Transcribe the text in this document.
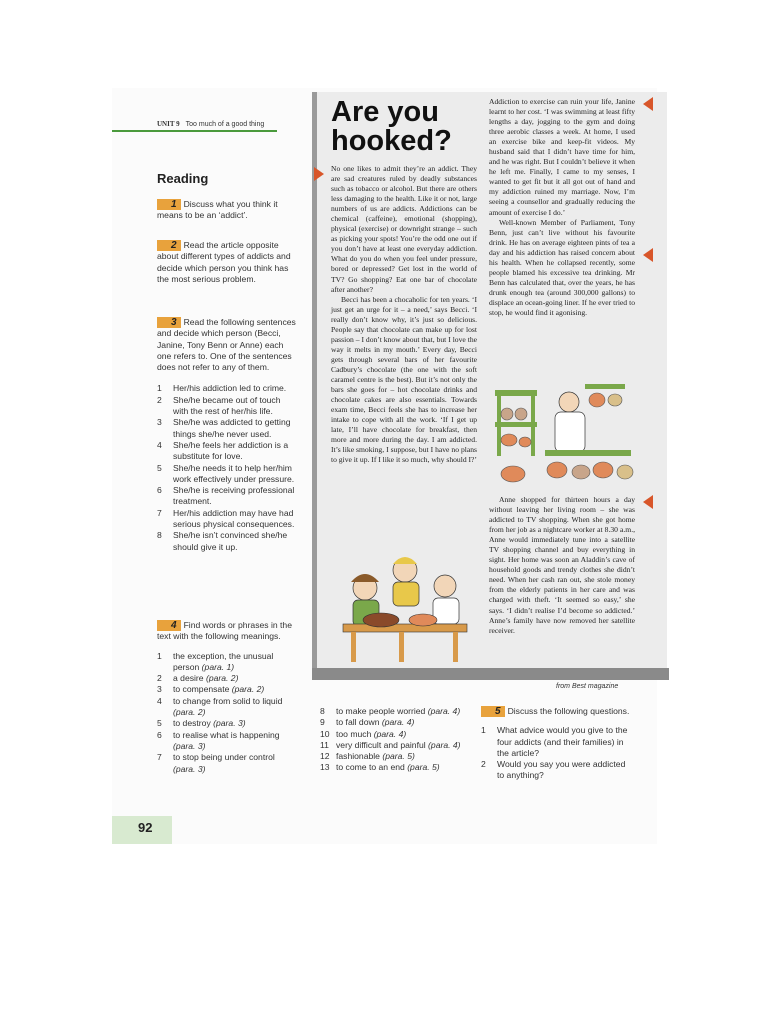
UNIT 9 Too much of a good thing
Reading
1 Discuss what you think it means to be an ‘addict’.
2 Read the article opposite about different types of addicts and decide which person you think has the most serious problem.
3 Read the following sentences and decide which person (Becci, Janine, Tony Benn or Anne) each one refers to. One of the sentences does not refer to any of them.
1 Her/his addiction led to crime.
2 She/he became out of touch with the rest of her/his life.
3 She/he was addicted to getting things she/he never used.
4 She/he feels her addiction is a substitute for love.
5 She/he needs it to help her/him work effectively under pressure.
6 She/he is receiving professional treatment.
7 Her/his addiction may have had serious physical consequences.
8 She/he isn’t convinced she/he should give it up.
4 Find words or phrases in the text with the following meanings.
1 the exception, the unusual person (para. 1)
2 a desire (para. 2)
3 to compensate (para. 2)
4 to change from solid to liquid (para. 2)
5 to destroy (para. 3)
6 to realise what is happening (para. 3)
7 to stop being under control (para. 3)
8 to make people worried (para. 4)
9 to fall down (para. 4)
10 too much (para. 4)
11 very difficult and painful (para. 4)
12 fashionable (para. 5)
13 to come to an end (para. 5)
5 Discuss the following questions.
1 What advice would you give to the four addicts (and their families) in the article?
2 Would you say you were addicted to anything?
Are you
hooked?

No one likes to admit they’re an addict. They are sad creatures ruled by deadly substances such as tobacco or alcohol. But there are others less damaging to the health. Like it or not, large numbers of us are addicts. Addictions can be chemical (caffeine), emotional (shopping), physical (exercise) or downright strange – such as picking your spots! You’re the odd one out if you don’t have at least one everyday addiction. What do you do when you feel under pressure, bored or depressed? Get lost in the world of TV? Go shopping? Eat one bar of chocolate after another?

Becci has been a chocaholic for ten years. ‘I just get an urge for it – a need,’ says Becci. ‘I really don’t know why, it’s just so delicious. People say that chocolate can make up for lost passion – I don’t know about that, but I love the way it melts in my mouth.’ Every day, Becci gets through several bars of her favourite Cadbury’s chocolate (the one with the soft caramel centre is the best). But it’s not only the bars she goes for – hot chocolate drinks and chocolate cakes are also essentials. Towards exam time, Becci feels she has to increase her intake to cope with all the work. ‘If I get up late, I’ll have chocolate for breakfast, then more and more during the day. I am addicted. It’s like smoking, I suppose, but I have no plans to give it up. If I like it so much, why should I?’

Addiction to exercise can ruin your life, Janine learnt to her cost. ‘I was swimming at least fifty lengths a day, jogging to the gym and doing three aerobic classes a week. At home, I used an exercise bike and keep-fit videos. My husband said that I didn’t have time for him, and he was right. But I couldn’t believe it when he left me. Finally, I came to my senses, I wanted to get fit but it all got out of hand and my addiction ruined my marriage. Now, I’m seeing a counsellor and gradually reducing the amount of exercise I do.’

Well-known Member of Parliament, Tony Benn, just can’t live without his favourite drink. He has on average eighteen pints of tea a day and his addiction has raised concern about his health. When he collapsed recently, some people blamed his excessive tea drinking. Mr Benn has calculated that, over the years, he has drunk enough tea (around 300,000 gallons) to displace an ocean-going liner. If he ever tried to stop, he would find it agonising.

Anne shopped for thirteen hours a day without leaving her living room – she was addicted to TV shopping. When she got home from her job as a nightcare worker at 8.30 a.m., Anne would immediately tune into a satellite TV shopping channel and buy everything in sight. Her home was soon an Aladdin’s cave of household goods and trendy clothes she didn’t need. When her cash ran out, she stole money from the elderly patients in her care and was charged with theft. ‘It seemed so easy,’ she says. ‘I didn’t realise I’d become so addicted.’ Anne’s family have now removed her satellite receiver.

from Best magazine
92
